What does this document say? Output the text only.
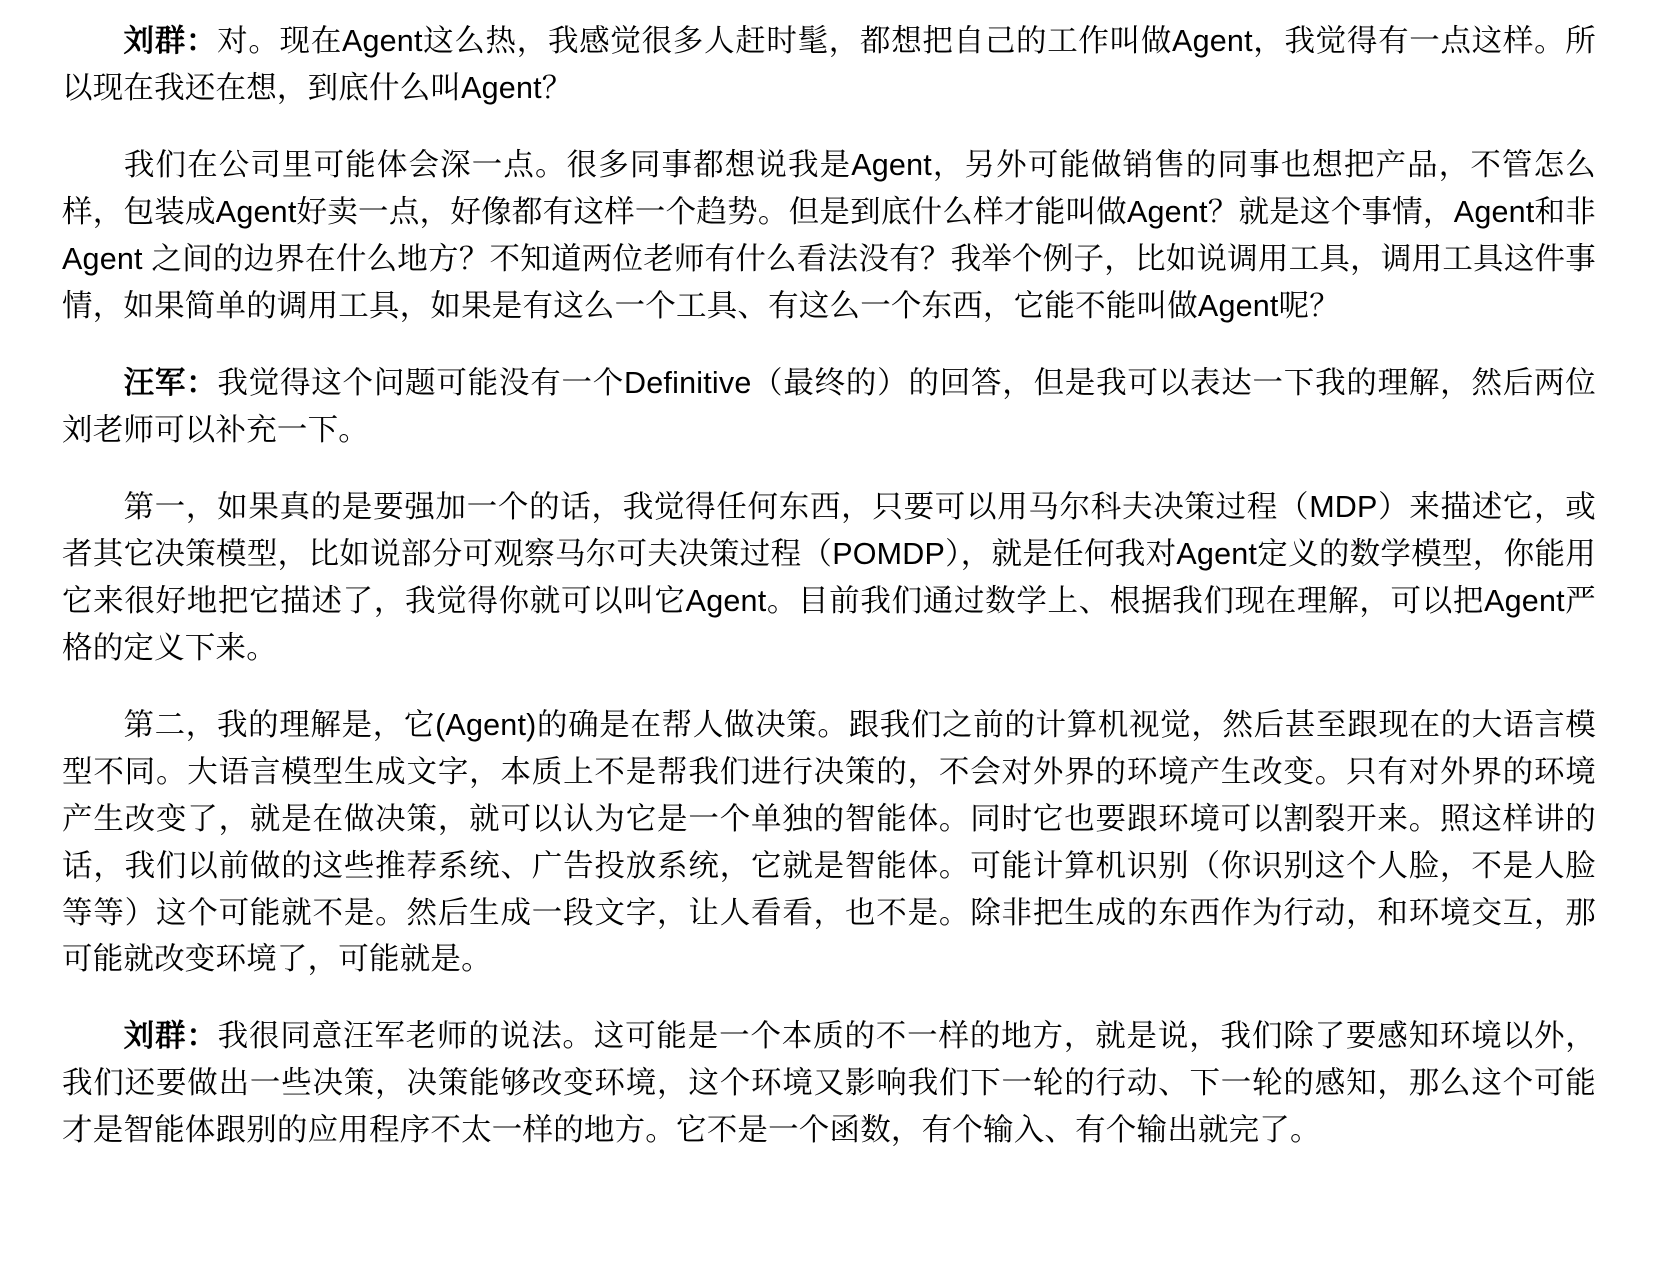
刘群：对。现在Agent这么热，我感觉很多人赶时髦，都想把自己的工作叫做Agent，我觉得有一点这样。所以现在我还在想，到底什么叫Agent？

我们在公司里可能体会深一点。很多同事都想说我是Agent，另外可能做销售的同事也想把产品，不管怎么样，包装成Agent好卖一点，好像都有这样一个趋势。但是到底什么样才能叫做Agent？就是这个事情，Agent和非Agent 之间的边界在什么地方？不知道两位老师有什么看法没有？我举个例子，比如说调用工具，调用工具这件事情，如果简单的调用工具，如果是有这么一个工具、有这么一个东西，它能不能叫做Agent呢？

汪军：我觉得这个问题可能没有一个Definitive（最终的）的回答，但是我可以表达一下我的理解，然后两位刘老师可以补充一下。

第一，如果真的是要强加一个的话，我觉得任何东西，只要可以用马尔科夫决策过程（MDP）来描述它，或者其它决策模型，比如说部分可观察马尔可夫决策过程（POMDP），就是任何我对Agent定义的数学模型，你能用它来很好地把它描述了，我觉得你就可以叫它Agent。目前我们通过数学上、根据我们现在理解，可以把Agent严格的定义下来。

第二，我的理解是，它(Agent)的确是在帮人做决策。跟我们之前的计算机视觉，然后甚至跟现在的大语言模型不同。大语言模型生成文字，本质上不是帮我们进行决策的，不会对外界的环境产生改变。只有对外界的环境产生改变了，就是在做决策，就可以认为它是一个单独的智能体。同时它也要跟环境可以割裂开来。照这样讲的话，我们以前做的这些推荐系统、广告投放系统，它就是智能体。可能计算机识别（你识别这个人脸，不是人脸等等）这个可能就不是。然后生成一段文字，让人看看，也不是。除非把生成的东西作为行动，和环境交互，那可能就改变环境了，可能就是。

刘群：我很同意汪军老师的说法。这可能是一个本质的不一样的地方，就是说，我们除了要感知环境以外，我们还要做出一些决策，决策能够改变环境，这个环境又影响我们下一轮的行动、下一轮的感知，那么这个可能才是智能体跟别的应用程序不太一样的地方。它不是一个函数，有个输入、有个输出就完了。
